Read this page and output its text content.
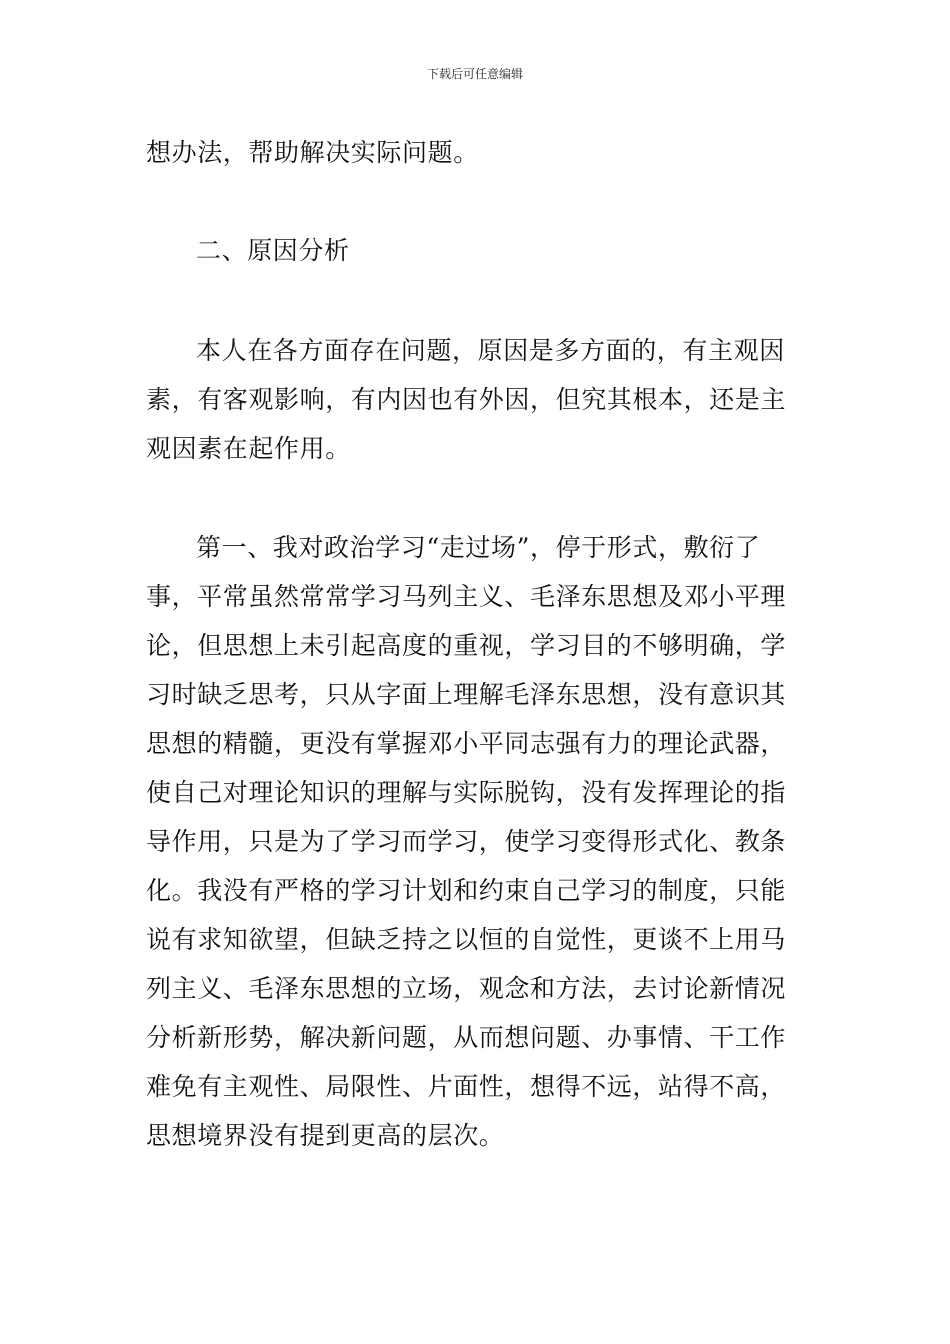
下载后可任意编辑

想办法，帮助解决实际问题。

二、原因分析

本人在各方面存在问题，原因是多方面的，有主观因素，有客观影响，有内因也有外因，但究其根本，还是主观因素在起作用。

第一、我对政治学习“走过场”，停于形式，敷衍了事，平常虽然常常学习马列主义、毛泽东思想及邓小平理论，但思想上未引起高度的重视，学习目的不够明确，学习时缺乏思考，只从字面上理解毛泽东思想，没有意识其思想的精髓，更没有掌握邓小平同志强有力的理论武器，使自己对理论知识的理解与实际脱钩，没有发挥理论的指导作用，只是为了学习而学习，使学习变得形式化、教条化。我没有严格的学习计划和约束自己学习的制度，只能说有求知欲望，但缺乏持之以恒的自觉性，更谈不上用马列主义、毛泽东思想的立场，观念和方法，去讨论新情况分析新形势，解决新问题，从而想问题、办事情、干工作难免有主观性、局限性、片面性，想得不远，站得不高，思想境界没有提到更高的层次。
